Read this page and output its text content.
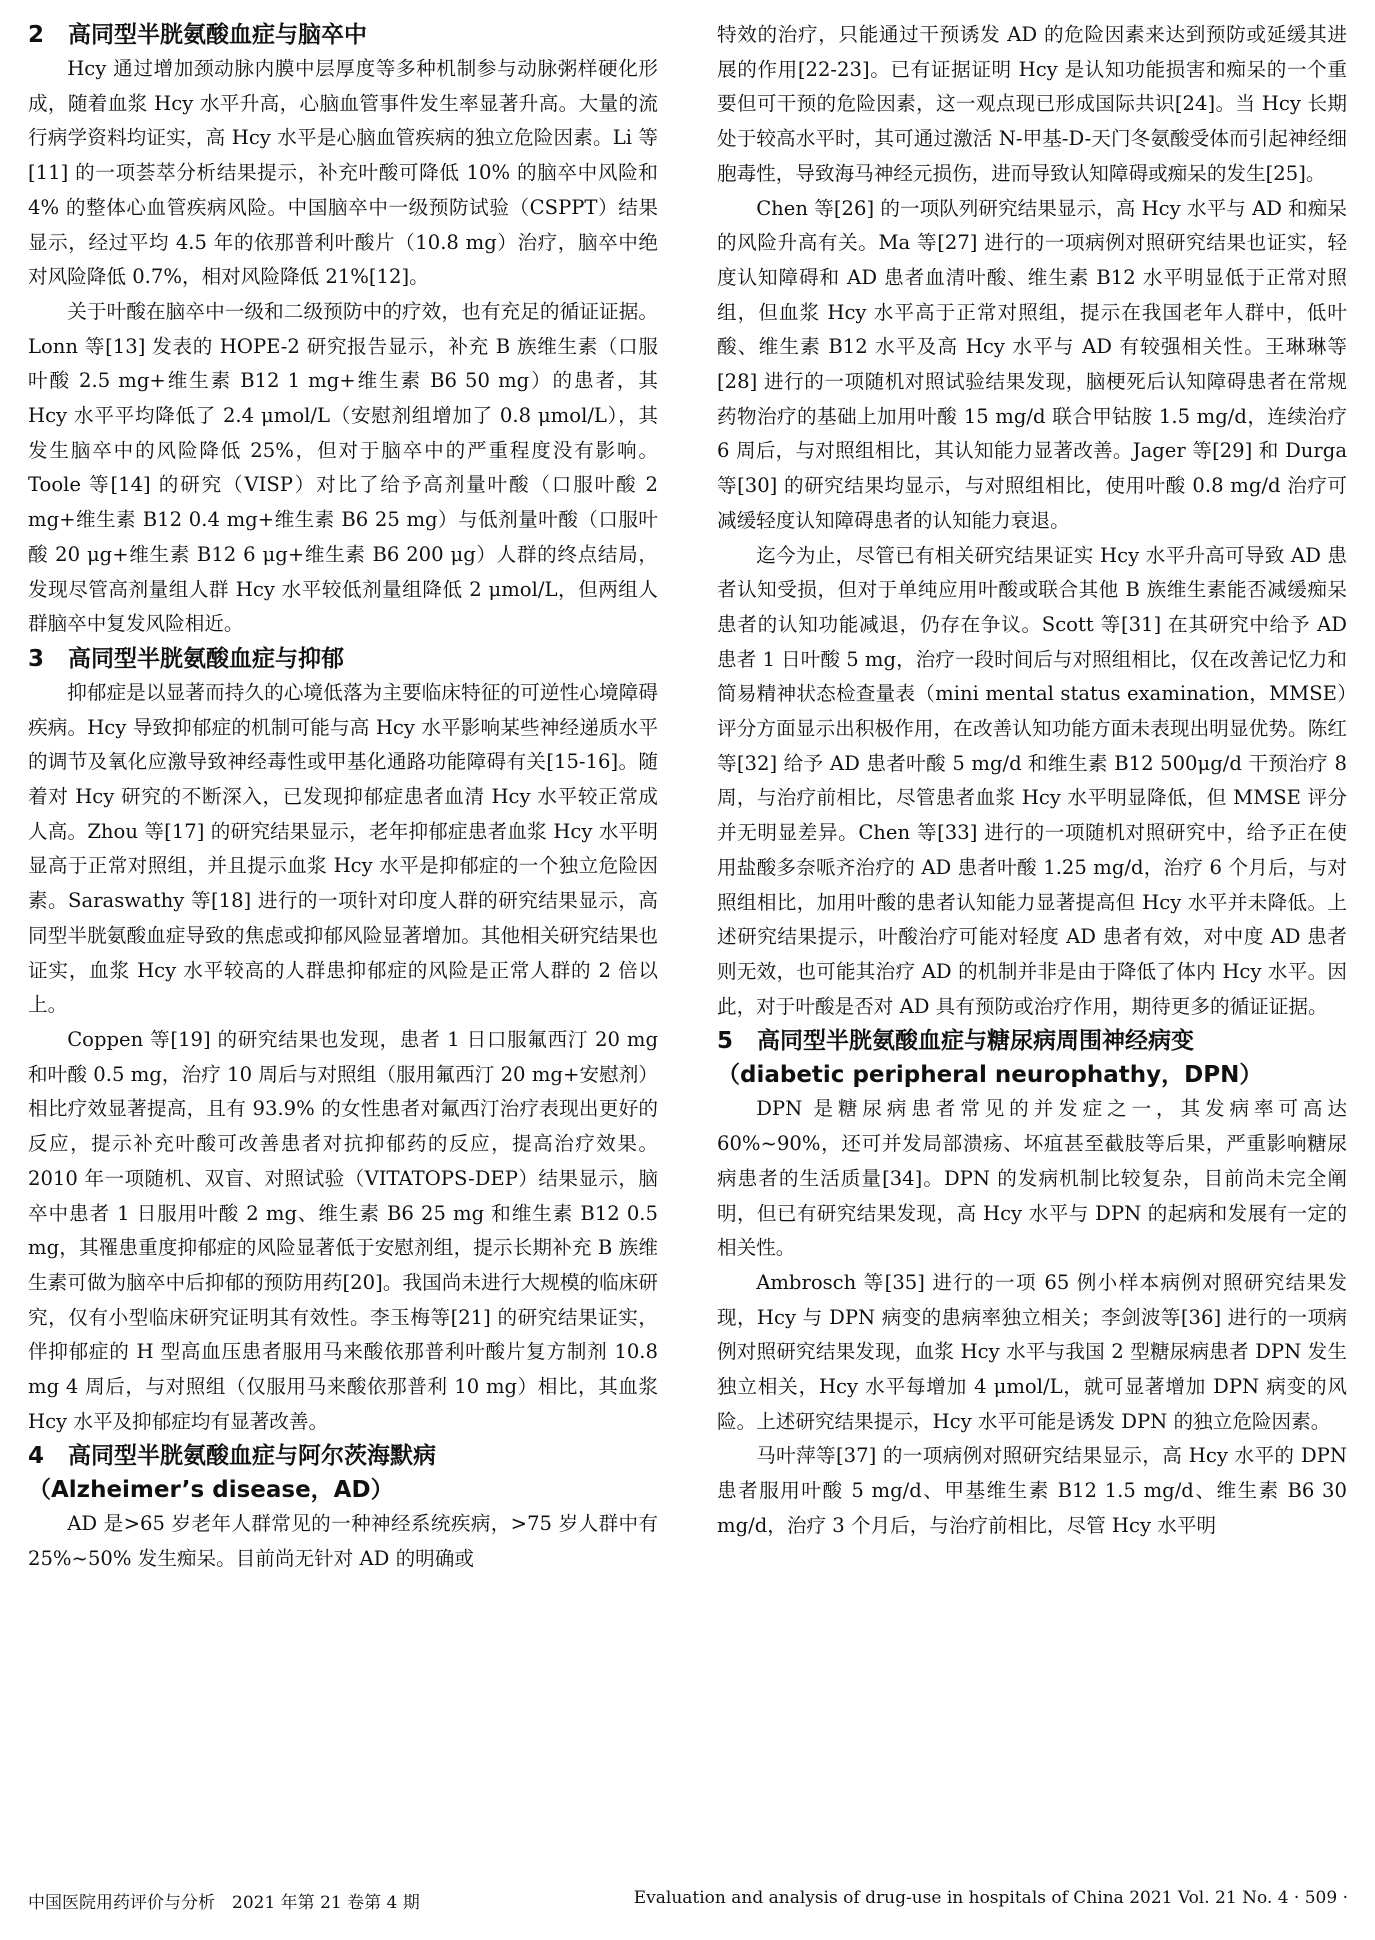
2 高同型半胱氨酸血症与脑卒中

Hcy 通过增加颈动脉内膜中层厚度等多种机制参与动脉粥样硬化形成，随着血浆 Hcy 水平升高，心脑血管事件发生率显著升高。大量的流行病学资料均证实，高 Hcy 水平是心脑血管疾病的独立危险因素。Li 等[11] 的一项荟萃分析结果提示，补充叶酸可降低 10% 的脑卒中风险和 4% 的整体心血管疾病风险。中国脑卒中一级预防试验（CSPPT）结果显示，经过平均 4.5 年的依那普利叶酸片（10.8 mg）治疗，脑卒中绝对风险降低 0.7%，相对风险降低 21%[12]。

关于叶酸在脑卒中一级和二级预防中的疗效，也有充足的循证证据。Lonn 等[13] 发表的 HOPE-2 研究报告显示，补充 B 族维生素（口服叶酸 2.5 mg+维生素 B12 1 mg+维生素 B6 50 mg）的患者，其 Hcy 水平平均降低了 2.4 μmol/L（安慰剂组增加了 0.8 μmol/L），其发生脑卒中的风险降低 25%，但对于脑卒中的严重程度没有影响。Toole 等[14] 的研究（VISP）对比了给予高剂量叶酸（口服叶酸 2 mg+维生素 B12 0.4 mg+维生素 B6 25 mg）与低剂量叶酸（口服叶酸 20 μg+维生素 B12 6 μg+维生素 B6 200 μg）人群的终点结局，发现尽管高剂量组人群 Hcy 水平较低剂量组降低 2 μmol/L，但两组人群脑卒中复发风险相近。

3 高同型半胱氨酸血症与抑郁

抑郁症是以显著而持久的心境低落为主要临床特征的可逆性心境障碍疾病。Hcy 导致抑郁症的机制可能与高 Hcy 水平影响某些神经递质水平的调节及氧化应激导致神经毒性或甲基化通路功能障碍有关[15-16]。随着对 Hcy 研究的不断深入，已发现抑郁症患者血清 Hcy 水平较正常成人高。Zhou 等[17] 的研究结果显示，老年抑郁症患者血浆 Hcy 水平明显高于正常对照组，并且提示血浆 Hcy 水平是抑郁症的一个独立危险因素。Saraswathy 等[18] 进行的一项针对印度人群的研究结果显示，高同型半胱氨酸血症导致的焦虑或抑郁风险显著增加。其他相关研究结果也证实，血浆 Hcy 水平较高的人群患抑郁症的风险是正常人群的 2 倍以上。

Coppen 等[19] 的研究结果也发现，患者 1 日口服氟西汀 20 mg 和叶酸 0.5 mg，治疗 10 周后与对照组（服用氟西汀 20 mg+安慰剂）相比疗效显著提高，且有 93.9% 的女性患者对氟西汀治疗表现出更好的反应，提示补充叶酸可改善患者对抗抑郁药的反应，提高治疗效果。2010 年一项随机、双盲、对照试验（VITATOPS-DEP）结果显示，脑卒中患者 1 日服用叶酸 2 mg、维生素 B6 25 mg 和维生素 B12 0.5 mg，其罹患重度抑郁症的风险显著低于安慰剂组，提示长期补充 B 族维生素可做为脑卒中后抑郁的预防用药[20]。我国尚未进行大规模的临床研究，仅有小型临床研究证明其有效性。李玉梅等[21] 的研究结果证实，伴抑郁症的 H 型高血压患者服用马来酸依那普利叶酸片复方制剂 10.8 mg 4 周后，与对照组（仅服用马来酸依那普利 10 mg）相比，其血浆 Hcy 水平及抑郁症均有显著改善。

4 高同型半胱氨酸血症与阿尔茨海默病
（Alzheimer’s disease，AD）

AD 是>65 岁老年人群常见的一种神经系统疾病，>75 岁人群中有 25%~50% 发生痴呆。目前尚无针对 AD 的明确或

特效的治疗，只能通过干预诱发 AD 的危险因素来达到预防或延缓其进展的作用[22-23]。已有证据证明 Hcy 是认知功能损害和痴呆的一个重要但可干预的危险因素，这一观点现已形成国际共识[24]。当 Hcy 长期处于较高水平时，其可通过激活 N-甲基-D-天门冬氨酸受体而引起神经细胞毒性，导致海马神经元损伤，进而导致认知障碍或痴呆的发生[25]。

Chen 等[26] 的一项队列研究结果显示，高 Hcy 水平与 AD 和痴呆的风险升高有关。Ma 等[27] 进行的一项病例对照研究结果也证实，轻度认知障碍和 AD 患者血清叶酸、维生素 B12 水平明显低于正常对照组，但血浆 Hcy 水平高于正常对照组，提示在我国老年人群中，低叶酸、维生素 B12 水平及高 Hcy 水平与 AD 有较强相关性。王琳琳等[28] 进行的一项随机对照试验结果发现，脑梗死后认知障碍患者在常规药物治疗的基础上加用叶酸 15 mg/d 联合甲钴胺 1.5 mg/d，连续治疗 6 周后，与对照组相比，其认知能力显著改善。Jager 等[29] 和 Durga 等[30] 的研究结果均显示，与对照组相比，使用叶酸 0.8 mg/d 治疗可减缓轻度认知障碍患者的认知能力衰退。

迄今为止，尽管已有相关研究结果证实 Hcy 水平升高可导致 AD 患者认知受损，但对于单纯应用叶酸或联合其他 B 族维生素能否减缓痴呆患者的认知功能减退，仍存在争议。Scott 等[31] 在其研究中给予 AD 患者 1 日叶酸 5 mg，治疗一段时间后与对照组相比，仅在改善记忆力和简易精神状态检查量表（mini mental status examination，MMSE）评分方面显示出积极作用，在改善认知功能方面未表现出明显优势。陈红等[32] 给予 AD 患者叶酸 5 mg/d 和维生素 B12 500μg/d 干预治疗 8 周，与治疗前相比，尽管患者血浆 Hcy 水平明显降低，但 MMSE 评分并无明显差异。Chen 等[33] 进行的一项随机对照研究中，给予正在使用盐酸多奈哌齐治疗的 AD 患者叶酸 1.25 mg/d，治疗 6 个月后，与对照组相比，加用叶酸的患者认知能力显著提高但 Hcy 水平并未降低。上述研究结果提示，叶酸治疗可能对轻度 AD 患者有效，对中度 AD 患者则无效，也可能其治疗 AD 的机制并非是由于降低了体内 Hcy 水平。因此，对于叶酸是否对 AD 具有预防或治疗作用，期待更多的循证证据。

5 高同型半胱氨酸血症与糖尿病周围神经病变
（diabetic peripheral neurophathy，DPN）

DPN 是糖尿病患者常见的并发症之一，其发病率可高达 60%~90%，还可并发局部溃疡、坏疽甚至截肢等后果，严重影响糖尿病患者的生活质量[34]。DPN 的发病机制比较复杂，目前尚未完全阐明，但已有研究结果发现，高 Hcy 水平与 DPN 的起病和发展有一定的相关性。

Ambrosch 等[35] 进行的一项 65 例小样本病例对照研究结果发现，Hcy 与 DPN 病变的患病率独立相关；李剑波等[36] 进行的一项病例对照研究结果发现，血浆 Hcy 水平与我国 2 型糖尿病患者 DPN 发生独立相关，Hcy 水平每增加 4 μmol/L，就可显著增加 DPN 病变的风险。上述研究结果提示，Hcy 水平可能是诱发 DPN 的独立危险因素。

马叶萍等[37] 的一项病例对照研究结果显示，高 Hcy 水平的 DPN 患者服用叶酸 5 mg/d、甲基维生素 B12 1.5 mg/d、维生素 B6 30 mg/d，治疗 3 个月后，与治疗前相比，尽管 Hcy 水平明

中国医院用药评价与分析　2021 年第 21 卷第 4 期	Evaluation and analysis of drug-use in hospitals of China 2021 Vol. 21 No. 4 · 509 ·
